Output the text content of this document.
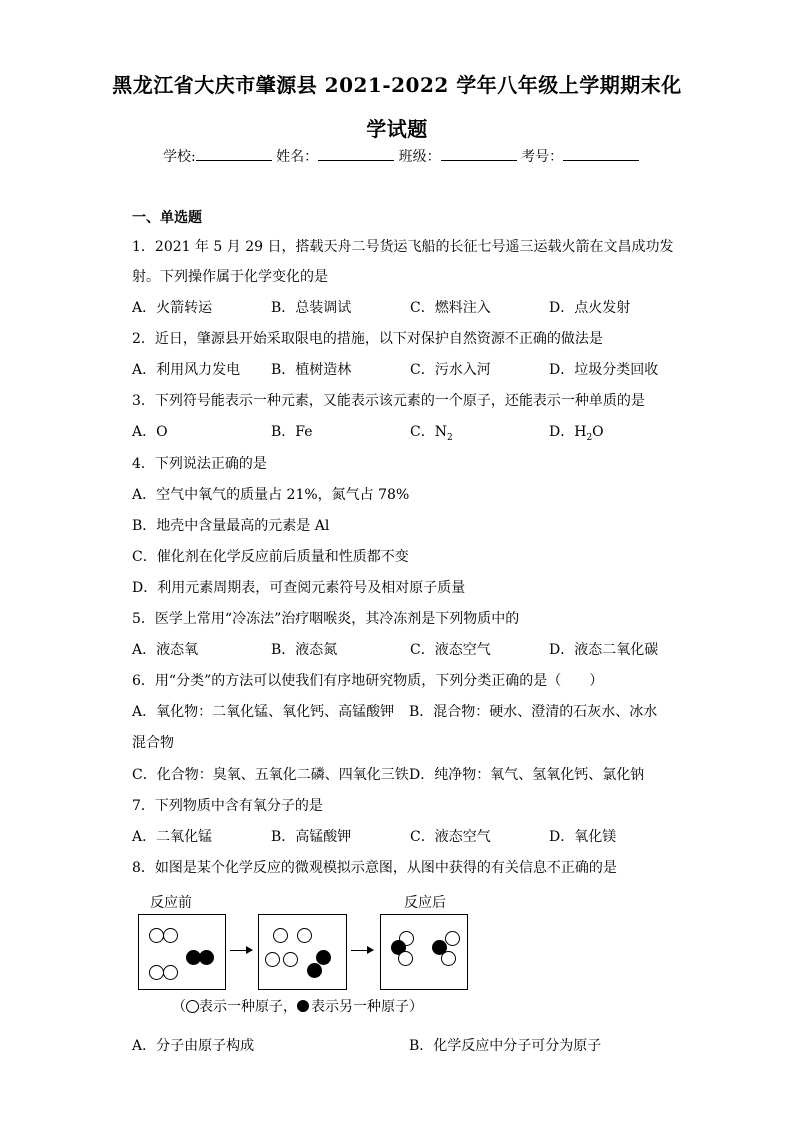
黑龙江省大庆市肇源县 2021-2022 学年八年级上学期期末化
学试题
学校:	姓名：	班级：	考号：
一、单选题
1．2021 年 5 月 29 日，搭载天舟二号货运飞船的长征七号遥三运载火箭在文昌成功发
射。下列操作属于化学变化的是
A．火箭转运	B．总装调试	C．燃料注入	D．点火发射
2．近日，肇源县开始采取限电的措施，以下对保护自然资源不正确的做法是
A．利用风力发电 B．植树造林	C．污水入河	D．垃圾分类回收
3．下列符号能表示一种元素，又能表示该元素的一个原子，还能表示一种单质的是
A．O	B．Fe	C．$N_2$	D．$H_2O$
4．下列说法正确的是
A．空气中氧气的质量占 21%，氮气占 78%
B．地壳中含量最高的元素是 Al
C．催化剂在化学反应前后质量和性质都不变
D．利用元素周期表，可查阅元素符号及相对原子质量
5．医学上常用“冷冻法”治疗咽喉炎，其冷冻剂是下列物质中的
A．液态氧	B．液态氮	C．液态空气	D．液态二氧化碳
6．用“分类”的方法可以使我们有序地研究物质，下列分类正确的是（　　）
A．氧化物：二氧化锰、氧化钙、高锰酸钾 B．混合物：硬水、澄清的石灰水、冰水
混合物
C．化合物：臭氧、五氧化二磷、四氧化三铁 D．纯净物：氧气、氢氧化钙、氯化钠
7．下列物质中含有氧分子的是
A．二氧化锰	B．高锰酸钾	C．液态空气	D．氧化镁
8．如图是某个化学反应的微观模拟示意图，从图中获得的有关信息不正确的是
反应前	反应后
（ 表示一种原子， 表示另一种原子）
A．分子由原子构成	B．化学反应中分子可分为原子
